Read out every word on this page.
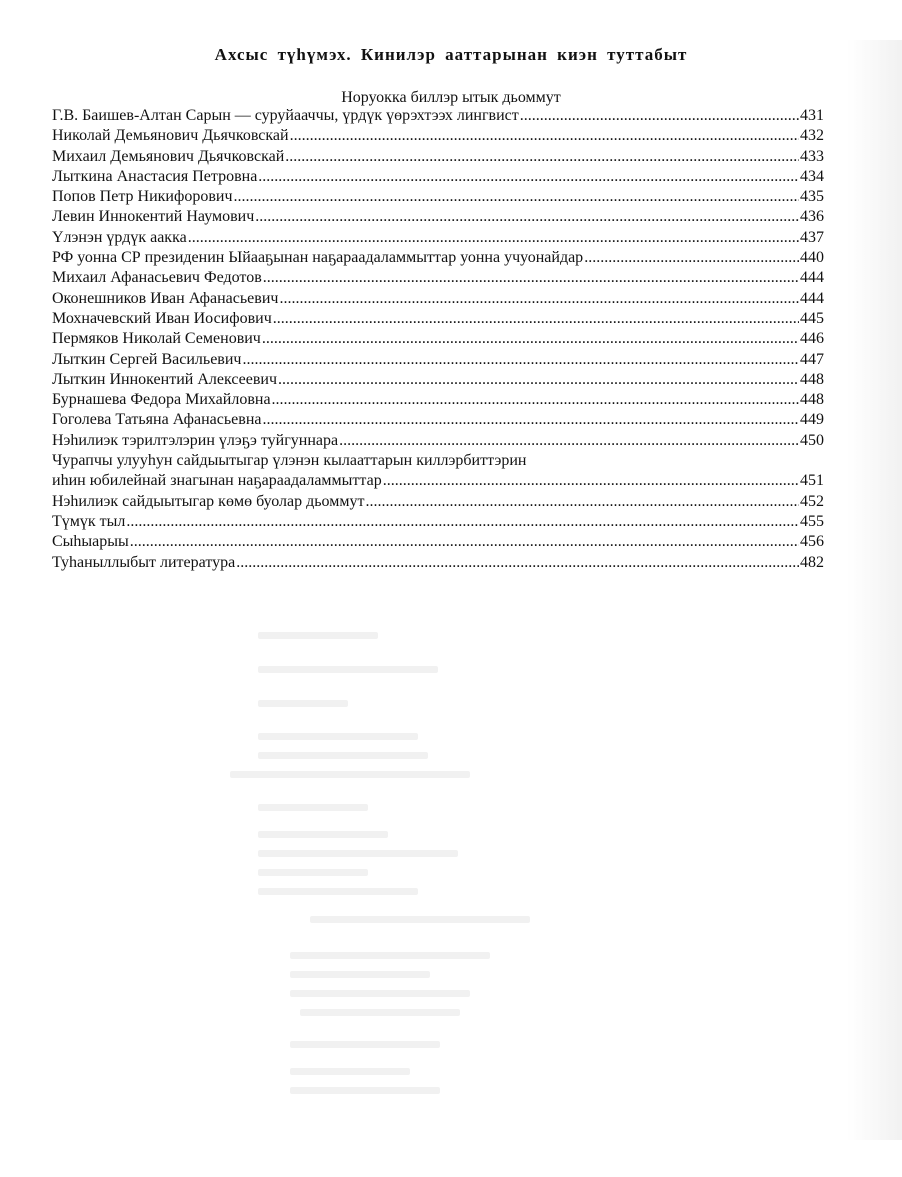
Ахсыс түһүмэх. Кинилэр ааттарынан киэн туттабыт
Норуокка биллэр ытык дьоммут
Г.В. Баишев-Алтан Сарын — суруйааччы, үрдүк үөрэхтээх лингвист .....	431
Николай Демьянович Дьячковскай .....	432
Михаил Демьянович Дьячковскай .....	433
Лыткина Анастасия Петровна .....	434
Попов Петр Никифорович .....	435
Левин Иннокентий Наумович .....	436
Үлэнэн үрдүк аакка .....	437
РФ уонна СР президенин Ыйааҕынан наҕараадаламмыттар уонна учуонайдар .....	440
Михаил Афанасьевич Федотов .....	444
Оконешников Иван Афанасьевич .....	444
Мохначевский Иван Иосифович .....	445
Пермяков Николай Семенович .....	446
Лыткин Сергей Васильевич .....	447
Лыткин Иннокентий Алексеевич .....	448
Бурнашева Федора Михайловна .....	448
Гоголева Татьяна Афанасьевна .....	449
Нэһилиэк тэрилтэлэрин үлэҕэ туйгуннара .....	450
Чурапчы улууһун сайдыытыгар үлэнэн кылааттарын киллэрбиттэрин
иһин юбилейнай знагынан наҕараадаламмыттар .....	451
Нэһилиэк сайдыытыгар көмө буолар дьоммут .....	452
Түмүк тыл .....	455
Сыһыарыы .....	456
Туһаныллыбыт литература .....	482
